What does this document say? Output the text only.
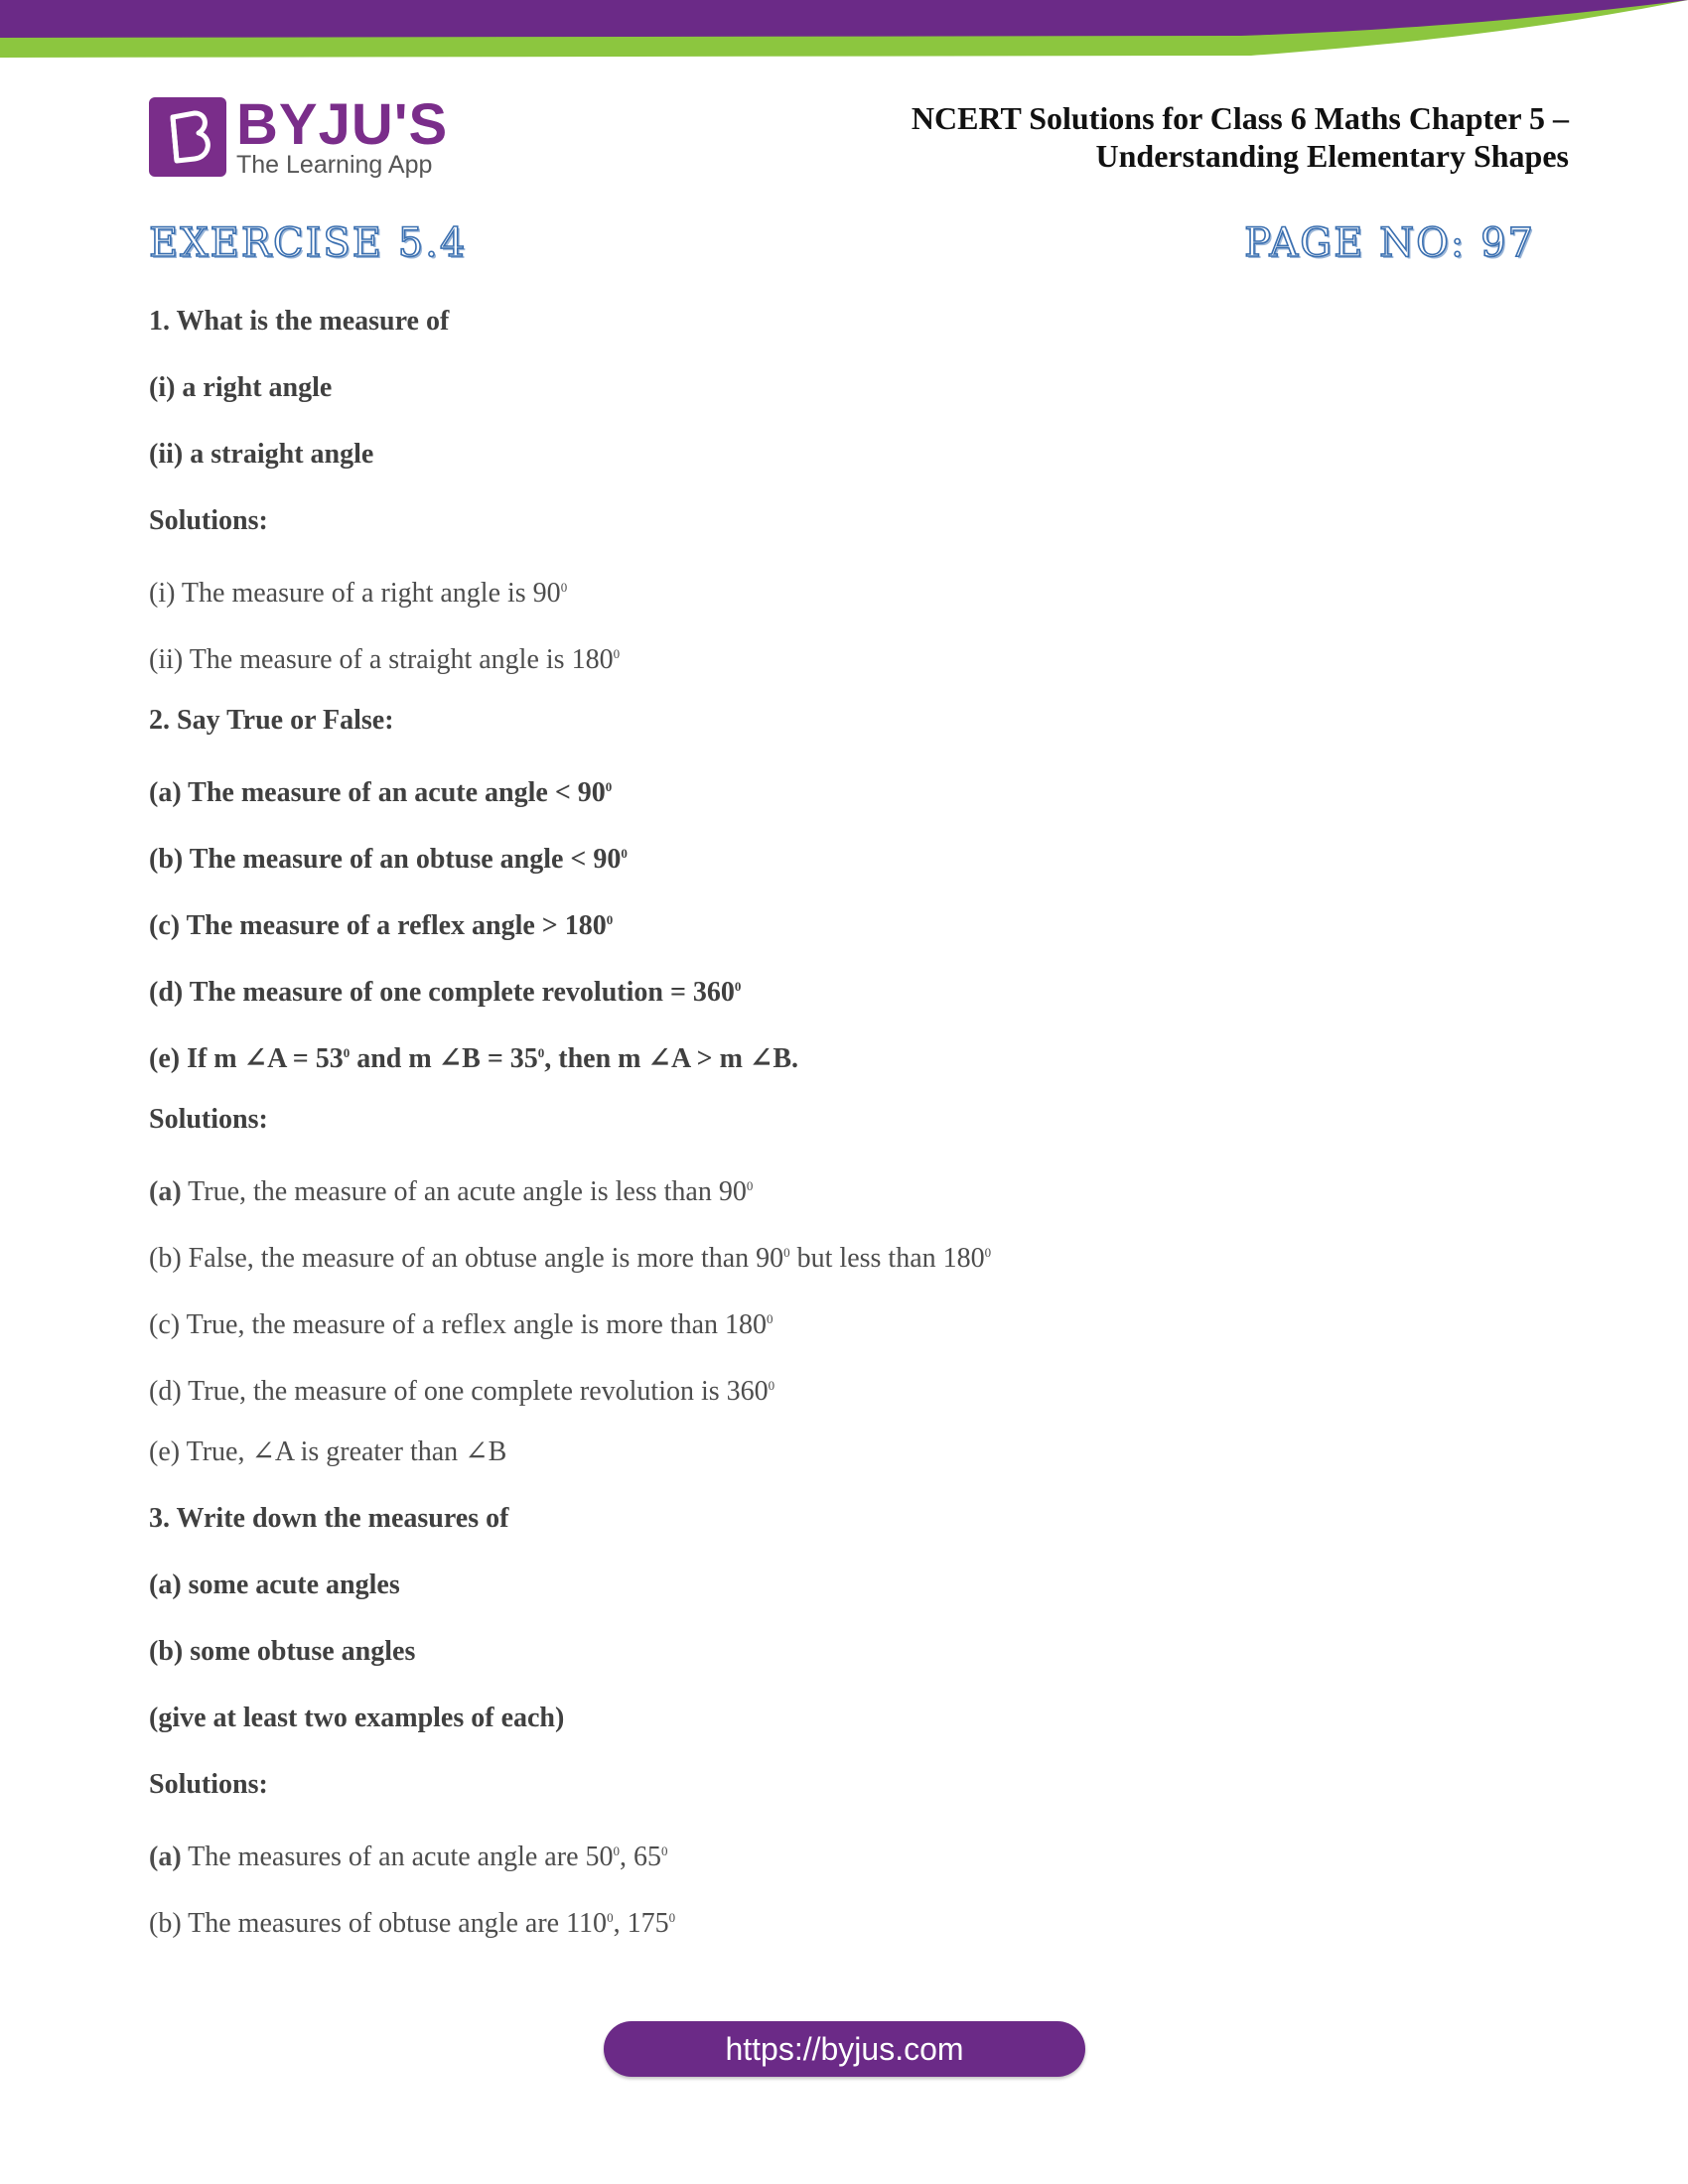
BYJU'S
The Learning App
NCERT Solutions for Class 6 Maths Chapter 5 –
Understanding Elementary Shapes
EXERCISE 5.4	PAGE NO: 97
1. What is the measure of
(i) a right angle
(ii) a straight angle
Solutions:
(i) The measure of a right angle is $90^0$
(ii) The measure of a straight angle is $180^0$
2. Say True or False:
(a) The measure of an acute angle < $90^0$
(b) The measure of an obtuse angle < $90^0$
(c) The measure of a reflex angle > $180^0$
(d) The measure of one complete revolution = $360^0$
(e) If m ∠A = $53^0$ and m ∠B = $35^0$, then m ∠A > m ∠B.
Solutions:
(a) True, the measure of an acute angle is less than $90^0$
(b) False, the measure of an obtuse angle is more than $90^0$ but less than $180^0$
(c) True, the measure of a reflex angle is more than $180^0$
(d) True, the measure of one complete revolution is $360^0$
(e) True, ∠A is greater than ∠B
3. Write down the measures of
(a) some acute angles
(b) some obtuse angles
(give at least two examples of each)
Solutions:
(a) The measures of an acute angle are $50^0$, $65^0$
(b) The measures of obtuse angle are $110^0$, $175^0$
https://byjus.com
